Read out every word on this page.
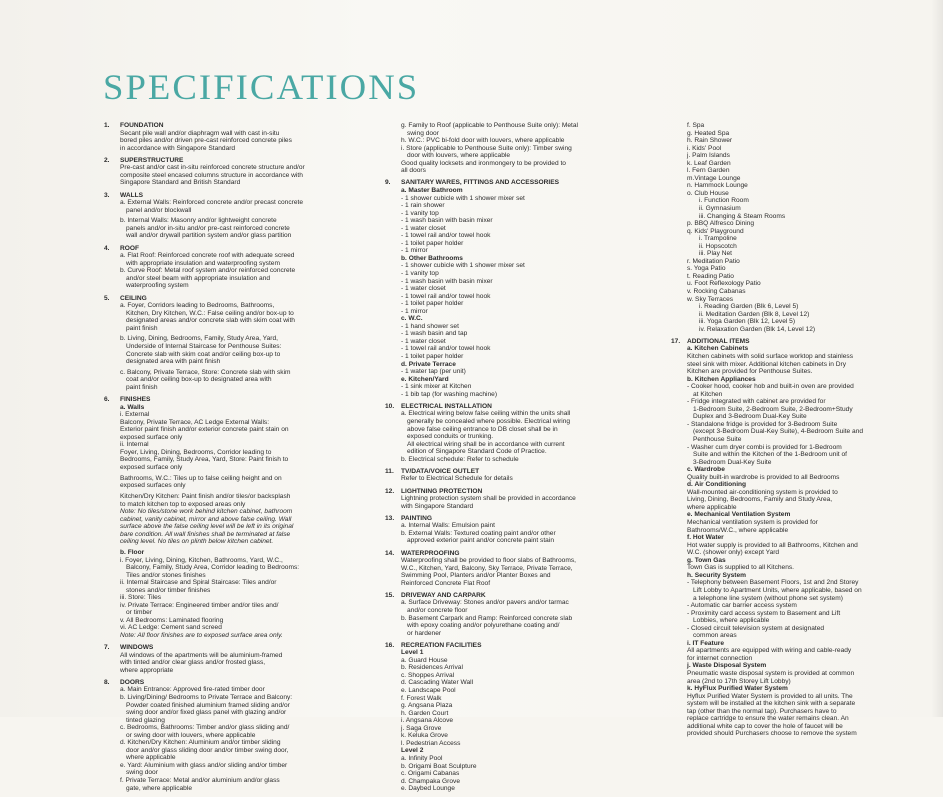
SPECIFICATIONS
1. FOUNDATION
Secant pile wall and/or diaphragm wall with cast in-situ
bored piles and/or driven pre-cast reinforced concrete piles
in accordance with Singapore Standard
2. SUPERSTRUCTURE
Pre-cast and/or cast in-situ reinforced concrete structure and/or
composite steel encased columns structure in accordance with
Singapore Standard and British Standard
3. WALLS
a. External Walls: Reinforced concrete and/or precast concrete
panel and/or blockwall
b. Internal Walls: Masonry and/or lightweight concrete
panels and/or in-situ and/or pre-cast reinforced concrete
wall and/or drywall partition system and/or glass partition
4. ROOF
a. Flat Roof: Reinforced concrete roof with adequate screed
with appropriate insulation and waterproofing system
b. Curve Roof: Metal roof system and/or reinforced concrete
and/or steel beam with appropriate insulation and
waterproofing system
5. CEILING
a. Foyer, Corridors leading to Bedrooms, Bathrooms,
Kitchen, Dry Kitchen, W.C.: False ceiling and/or box-up to
designated areas and/or concrete slab with skim coat with
paint finish
b. Living, Dining, Bedrooms, Family, Study Area, Yard,
Underside of Internal Staircase for Penthouse Suites:
Concrete slab with skim coat and/or ceiling box-up to
designated area with paint finish
c. Balcony, Private Terrace, Store: Concrete slab with skim
coat and/or ceiling box-up to designated area with
paint finish
6. FINISHES
a. Walls
i. External
Balcony, Private Terrace, AC Ledge External Walls:
Exterior paint finish and/or exterior concrete paint stain on
exposed surface only
ii. Internal
Foyer, Living, Dining, Bedrooms, Corridor leading to
Bedrooms, Family, Study Area, Yard, Store: Paint finish to
exposed surface only
Bathrooms, W.C.: Tiles up to false ceiling height and on
exposed surfaces only
Kitchen/Dry Kitchen: Paint finish and/or tiles/or backsplash
to match kitchen top to exposed areas only
Note: No tiles/stone work behind kitchen cabinet, bathroom
cabinet, vanity cabinet, mirror and above false ceiling. Wall
surface above the false ceiling level will be left in its original
bare condition. All wall finishes shall be terminated at false
ceiling level. No tiles on plinth below kitchen cabinet.
b. Floor
i. Foyer, Living, Dining, Kitchen, Bathrooms, Yard, W.C.,
Balcony, Family, Study Area, Corridor leading to Bedrooms:
Tiles and/or stones finishes
ii. Internal Staircase and Spiral Staircase: Tiles and/or
stones and/or timber finishes
iii. Store: Tiles
iv. Private Terrace: Engineered timber and/or tiles and/
or timber
v. All Bedrooms: Laminated flooring
vi. AC Ledge: Cement sand screed
Note: All floor finishes are to exposed surface area only.
7. WINDOWS
All windows of the apartments will be aluminium-framed
with tinted and/or clear glass and/or frosted glass,
where appropriate
8. DOORS
a. Main Entrance: Approved fire-rated timber door
b. Living/Dining/ Bedrooms to Private Terrace and Balcony:
Powder coated finished aluminium framed sliding and/or
swing door and/or fixed glass panel with glazing and/or
tinted glazing
c. Bedrooms, Bathrooms: Timber and/or glass sliding and/
or swing door with louvers, where applicable
d. Kitchen/Dry Kitchen: Aluminium and/or timber sliding
door and/or glass sliding door and/or timber swing door,
where applicable
e. Yard: Aluminium with glass and/or sliding and/or timber
swing door
f. Private Terrace: Metal and/or aluminium and/or glass
gate, where applicable
g. Family to Roof (applicable to Penthouse Suite only): Metal
swing door
h. W.C.: PVC bi-fold door with louvers, where applicable
i. Store (applicable to Penthouse Suite only): Timber swing
door with louvers, where applicable
Good quality locksets and ironmongery to be provided to
all doors
9. SANITARY WARES, FITTINGS AND ACCESSORIES
a. Master Bathroom
- 1 shower cubicle with 1 shower mixer set
- 1 rain shower
- 1 vanity top
- 1 wash basin with basin mixer
- 1 water closet
- 1 towel rail and/or towel hook
- 1 toilet paper holder
- 1 mirror
b. Other Bathrooms
- 1 shower cubicle with 1 shower mixer set
- 1 vanity top
- 1 wash basin with basin mixer
- 1 water closet
- 1 towel rail and/or towel hook
- 1 toilet paper holder
- 1 mirror
c. W.C.
- 1 hand shower set
- 1 wash basin and tap
- 1 water closet
- 1 towel rail and/or towel hook
- 1 toilet paper holder
d. Private Terrace
- 1 water tap (per unit)
e. Kitchen/Yard
- 1 sink mixer at Kitchen
- 1 bib tap (for washing machine)
10. ELECTRICAL INSTALLATION
a. Electrical wiring below false ceiling within the units shall
generally be concealed where possible. Electrical wiring
above false ceiling entrance to DB closet shall be in
exposed conduits or trunking.
All electrical wiring shall be in accordance with current
edition of Singapore Standard Code of Practice.
b. Electrical schedule: Refer to schedule
11. TV/DATA/VOICE OUTLET
Refer to Electrical Schedule for details
12. LIGHTNING PROTECTION
Lightning protection system shall be provided in accordance
with Singapore Standard
13. PAINTING
a. Internal Walls: Emulsion paint
b. External Walls: Textured coating paint and/or other
approved exterior paint and/or concrete paint stain
14. WATERPROOFING
Waterproofing shall be provided to floor slabs of Bathrooms,
W.C., Kitchen, Yard, Balcony, Sky Terrace, Private Terrace,
Swimming Pool, Planters and/or Planter Boxes and
Reinforced Concrete Flat Roof
15. DRIVEWAY AND CARPARK
a. Surface Driveway: Stones and/or pavers and/or tarmac
and/or concrete floor
b. Basement Carpark and Ramp: Reinforced concrete slab
with epoxy coating and/or polyurethane coating and/
or hardener
16. RECREATION FACILITIES
Level 1
a. Guard House
b. Residences Arrival
c. Shoppes Arrival
d. Cascading Water Wall
e. Landscape Pool
f. Forest Walk
g. Angsana Plaza
h. Garden Court
i. Angsana Alcove
j. Saga Grove
k. Keluka Grove
l. Pedestrian Access
Level 2
a. Infinity Pool
b. Origami Boat Sculpture
c. Origami Cabanas
d. Champaka Grove
e. Daybed Lounge
f. Spa
g. Heated Spa
h. Rain Shower
i. Kids' Pool
j. Palm Islands
k. Leaf Garden
l. Fern Garden
m.Vintage Lounge
n. Hammock Lounge
o. Club House
i. Function Room
ii. Gymnasium
iii. Changing & Steam Rooms
p. BBQ Alfresco Dining
q. Kids' Playground
i. Trampoline
ii. Hopscotch
iii. Play Net
r. Meditation Patio
s. Yoga Patio
t. Reading Patio
u. Foot Reflexology Patio
v. Rocking Cabanas
w. Sky Terraces
i. Reading Garden (Blk 6, Level 5)
ii. Meditation Garden (Blk 8, Level 12)
iii. Yoga Garden (Blk 12, Level 5)
iv. Relaxation Garden (Blk 14, Level 12)
17. ADDITIONAL ITEMS
a. Kitchen Cabinets
Kitchen cabinets with solid surface worktop and stainless
steel sink with mixer. Additional kitchen cabinets in Dry
Kitchen are provided for Penthouse Suites.
b. Kitchen Appliances
- Cooker hood, cooker hob and built-in oven are provided
at Kitchen
- Fridge integrated with cabinet are provided for
1-Bedroom Suite, 2-Bedroom Suite, 2-Bedroom+Study
Duplex and 3-Bedroom Dual-Key Suite
- Standalone fridge is provided for 3-Bedroom Suite
(except 3-Bedroom Dual-Key Suite), 4-Bedroom Suite and
Penthouse Suite
- Washer cum dryer combi is provided for 1-Bedroom
Suite and within the Kitchen of the 1-Bedroom unit of
3-Bedroom Dual-Key Suite
c. Wardrobe
Quality built-in wardrobe is provided to all Bedrooms
d. Air Conditioning
Wall-mounted air-conditioning system is provided to
Living, Dining, Bedrooms, Family and Study Area,
where applicable
e. Mechanical Ventilation System
Mechanical ventilation system is provided for
Bathrooms/W.C., where applicable
f. Hot Water
Hot water supply is provided to all Bathrooms, Kitchen and
W.C. (shower only) except Yard
g. Town Gas
Town Gas is supplied to all Kitchens.
h. Security System
- Telephony between Basement Floors, 1st and 2nd Storey
Lift Lobby to Apartment Units, where applicable, based on
a telephone line system (without phone set system)
- Automatic car barrier access system
- Proximity card access system to Basement and Lift
Lobbies, where applicable
- Closed circuit television system at designated
common areas
i. IT Feature
All apartments are equipped with wiring and cable-ready
for internet connection
j. Waste Disposal System
Pneumatic waste disposal system is provided at common
area (2nd to 17th Storey Lift Lobby)
k. HyFlux Purified Water System
Hyflux Purified Water System is provided to all units. The
system will be installed at the kitchen sink with a separate
tap (other than the normal tap). Purchasers have to
replace cartridge to ensure the water remains clean. An
additional white cap to cover the hole of faucet will be
provided should Purchasers choose to remove the system
